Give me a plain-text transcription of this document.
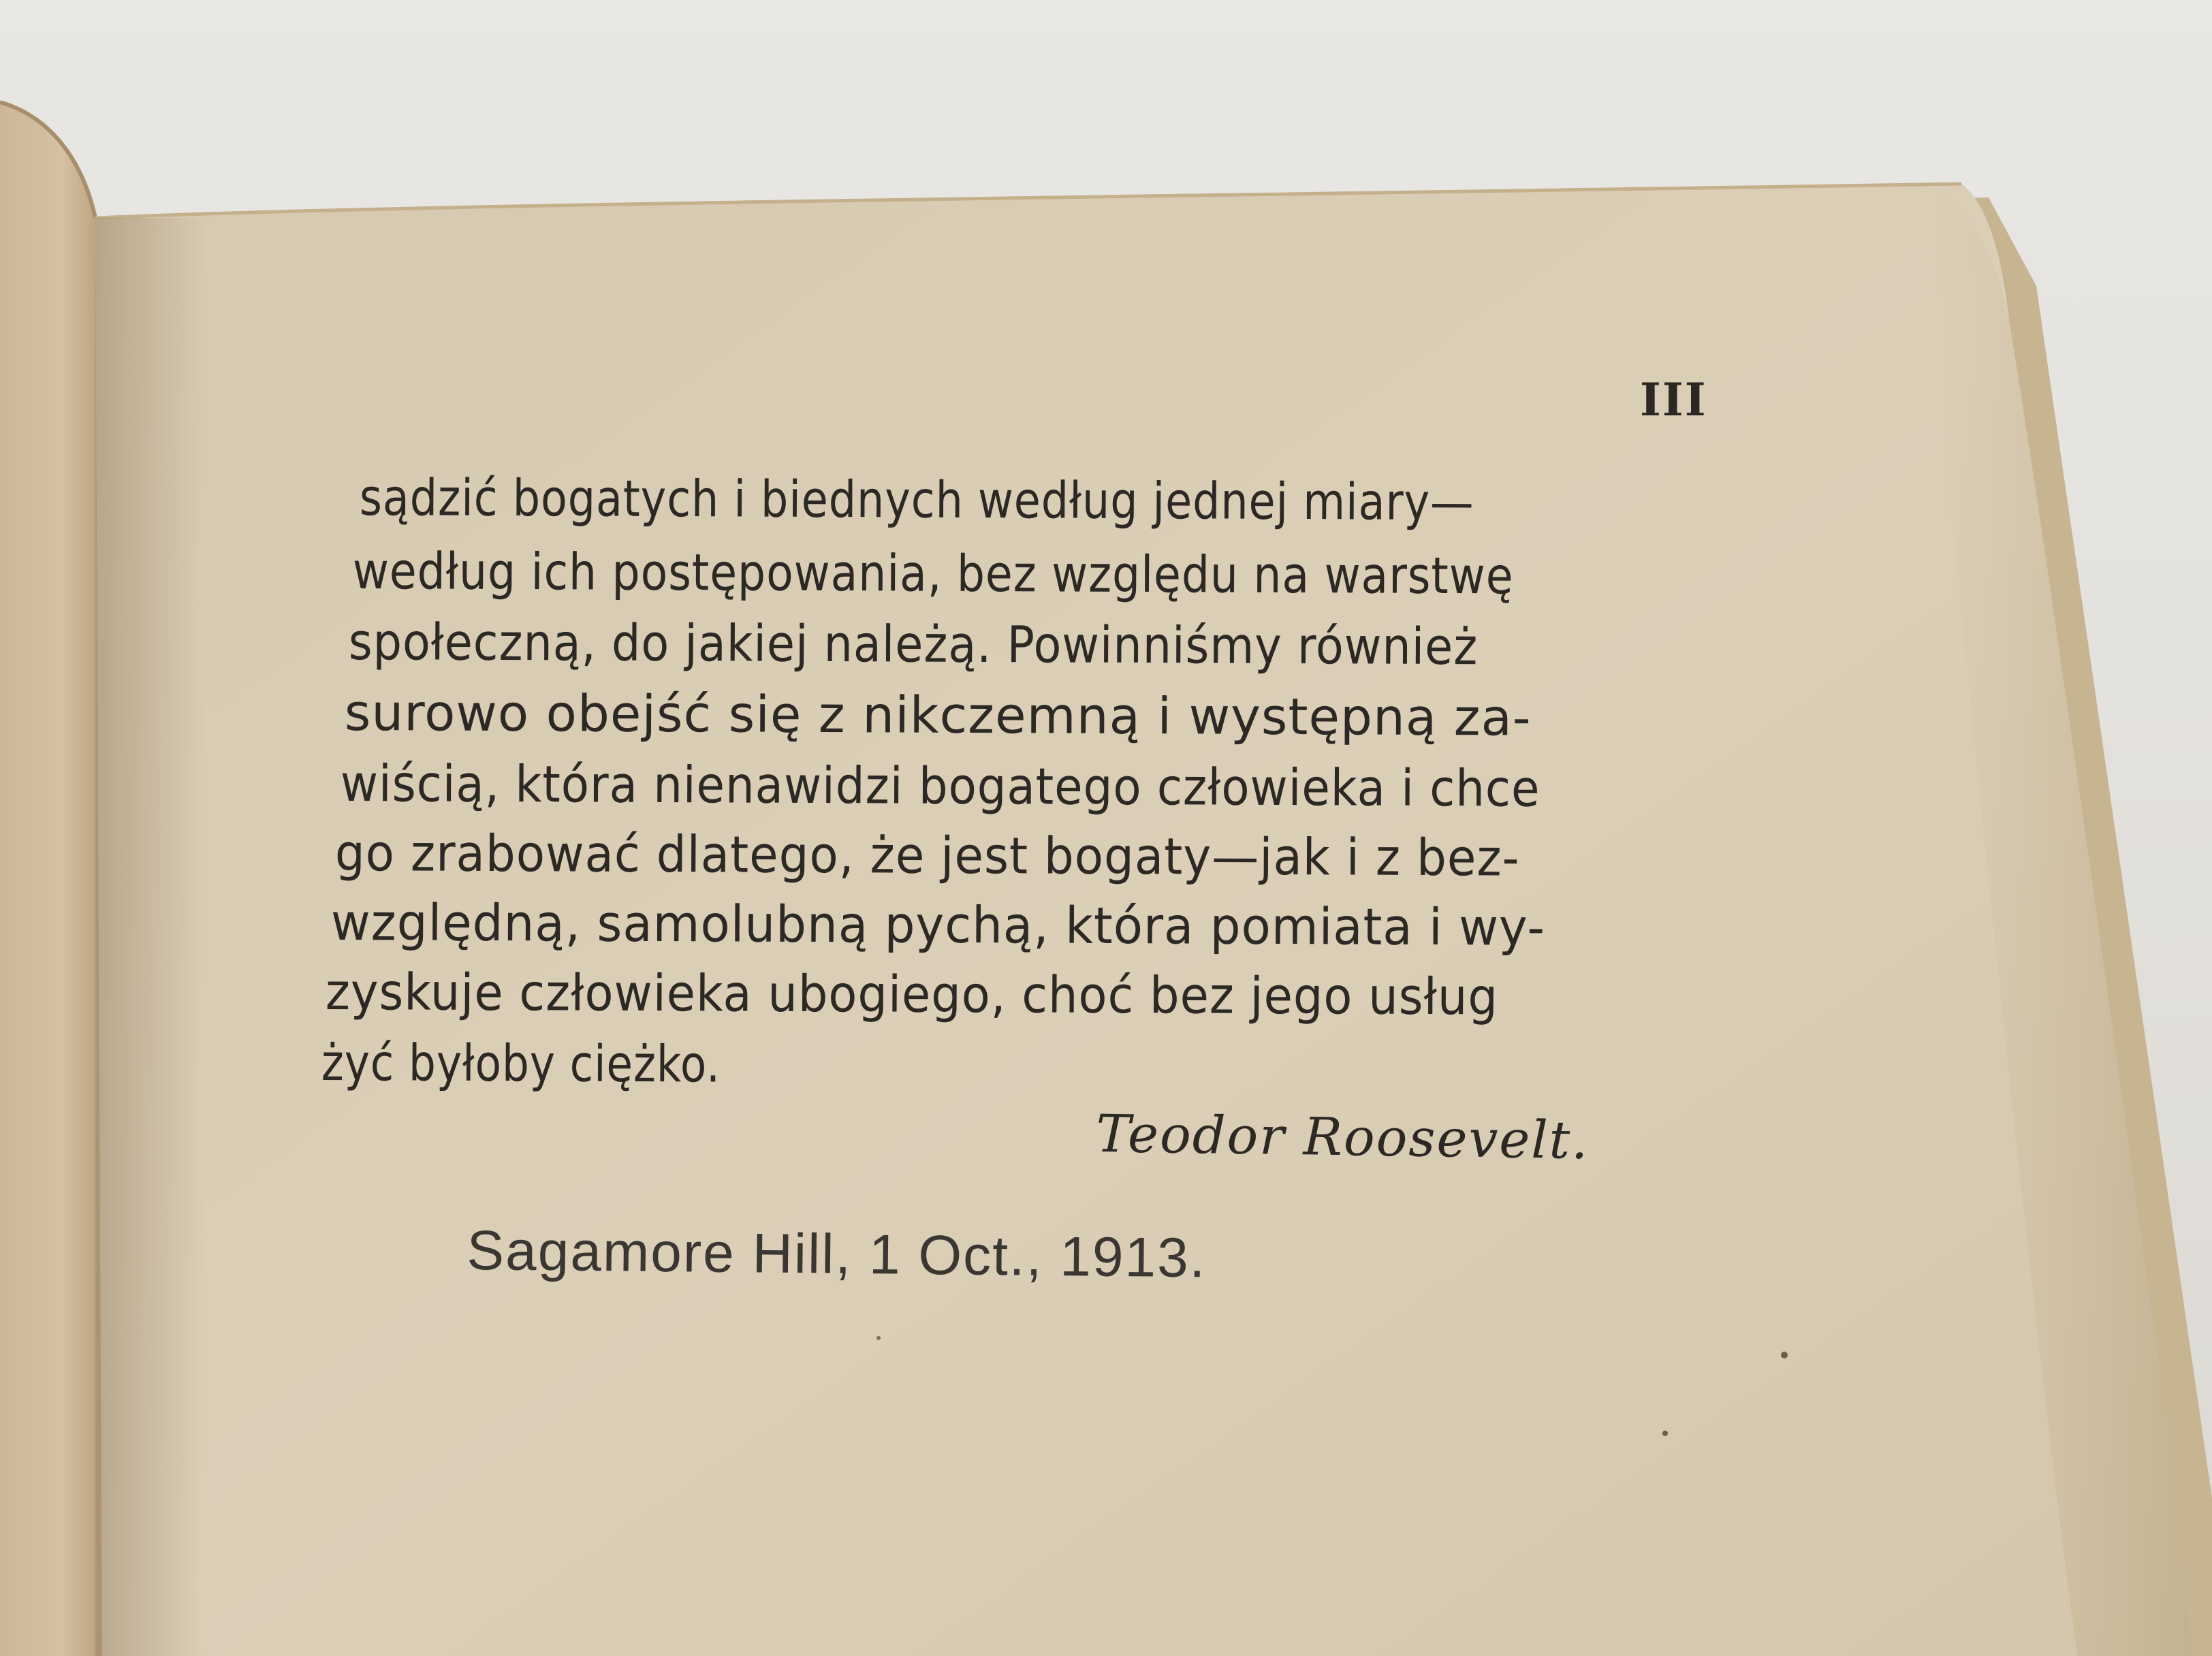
III
sądzić bogatych i biednych według jednej miary—
według ich postępowania, bez względu na warstwę
społeczną, do jakiej należą. Powinniśmy również
surowo obejść się z nikczemną i występną za-
wiścią, która nienawidzi bogatego człowieka i chce
go zrabować dlatego, że jest bogaty—jak i z bez-
względną, samolubną pychą, która pomiata i wy-
zyskuje człowieka ubogiego, choć bez jego usług
żyć byłoby ciężko.
Teodor Roosevelt.
Sagamore Hill, 1 Oct., 1913.
